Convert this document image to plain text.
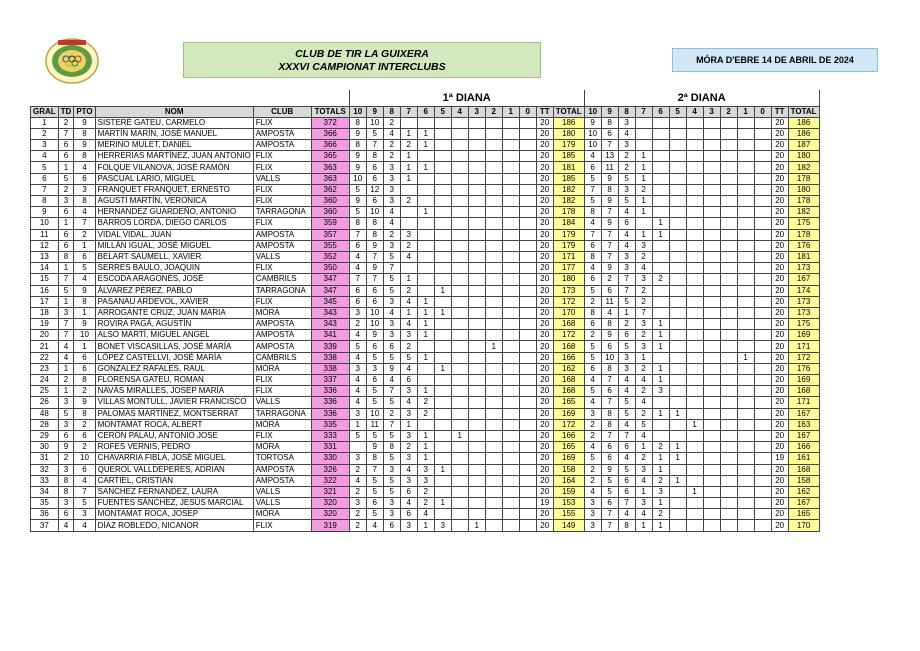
CLUB DE TIR LA GUIXERA
XXXVI CAMPIONAT INTERCLUBS
MÓRA D'EBRE 14 DE ABRIL DE 2024
						1ª DIANA													2ª DIANA												
GRAL	TD	PTO	NOM	CLUB	TOTALS	10	9	8	7	6	5	4	3	2	1	0	TT	TOTAL	10	9	8	7	6	5	4	3	2	1	0	TT	TOTAL
1	2	9	SISTERÉ GATEU, CARMELO	FLIX	372	8	10	2									20	186	9	8	3									20	186
2	7	8	MARTÍN MARÍN, JOSÉ MANUEL	AMPOSTA	366	9	5	4	1	1							20	180	10	6	4									20	186
3	6	9	MERINO MULET, DANIEL	AMPOSTA	366	8	7	2	2	1							20	179	10	7	3									20	187
4	6	8	HERRERIAS MARTÍNEZ, JUAN ANTONIO	FLIX	365	9	8	2	1								20	185	4	13	2	1								20	180
5	1	4	FOLQUE VILANOVA, JOSÉ RAMÓN	FLIX	363	9	6	3	1	1							20	181	6	11	2	1								20	182
6	5	6	PASCUAL LARIO, MIGUEL	VALLS	363	10	6	3	1								20	185	5	9	5	1								20	178
7	2	3	FRANQUET FRANQUET, ERNESTO	FLIX	362	5	12	3									20	182	7	8	3	2								20	180
8	3	8	AGUSTÍ MARTÍN, VERONICA	FLIX	360	9	6	3	2								20	182	5	9	5	1								20	178
9	6	4	HERNANDEZ GUARDEÑO, ANTONIO	TARRAGONA	360	5	10	4		1							20	178	8	7	4	1								20	182
10	1	7	BARROS LORDA, DIEGO CARLOS	FLIX	359	8	8	4									20	184	4	9	6		1							20	175
11	6	2	VIDAL VIDAL, JUAN	AMPOSTA	357	7	8	2	3								20	179	7	7	4	1	1							20	178
12	6	1	MILLÁN IGUAL, JOSÉ MIGUEL	AMPOSTA	355	6	9	3	2								20	179	6	7	4	3								20	176
13	8	6	BELART SAUMELL, XAVIER	VALLS	352	4	7	5	4								20	171	8	7	3	2								20	181
14	1	5	SERRES BAULO, JOAQUIN	FLIX	350	4	9	7									20	177	4	9	3	4								20	173
15	7	4	ESCODA ARAGONÉS, JOSÉ	CAMBRILS	347	7	7	5	1								20	180	6	2	7	3	2							20	167
16	5	9	ÁLVAREZ PÉREZ, PABLO	TARRAGONA	347	6	6	5	2		1						20	173	5	6	7	2								20	174
17	1	8	PASANAU ARDEVOL, XAVIER	FLIX	345	6	6	3	4	1							20	172	2	11	5	2								20	173
18	3	1	ARROGANTE CRUZ, JUAN MARIA	MÓRA	343	3	10	4	1	1	1						20	170	8	4	1	7								20	173
19	7	9	ROVIRA PAGÁ, AGUSTÍN	AMPOSTA	343	2	10	3	4	1							20	168	6	8	2	3	1							20	175
20	7	10	ALSO MARTÍ, MIGUEL ANGEL	AMPOSTA	341	4	9	3	3	1							20	172	2	9	6	2	1							20	169
21	4	1	BONET VISCASILLAS, JOSÉ MARÍA	AMPOSTA	339	5	6	6	2					1			20	168	5	6	5	3	1							20	171
22	4	6	LÓPEZ CASTELLVI, JOSÉ MARÍA	CAMBRILS	338	4	5	5	5	1							20	166	5	10	3	1						1		20	172
23	1	6	GONZALEZ RAFALES, RAUL	MÓRA	338	3	3	9	4		1						20	162	6	8	3	2	1							20	176
24	2	8	FLORENSA GATEU, ROMAN	FLIX	337	4	6	4	6								20	168	4	7	4	4	1							20	169
25	1	2	NAVÁS MIRALLES, JOSEP MARÍA	FLIX	336	4	5	7	3	1							20	168	5	6	4	2	3							20	168
26	3	9	VILLAS MONTULL, JAVIER FRANCISCO	VALLS	336	4	5	5	4	2							20	165	4	7	5	4								20	171
48	5	8	PALOMAS MARTÍNEZ, MONTSERRAT	TARRAGONA	336	3	10	2	3	2							20	169	3	8	5	2	1	1						20	167
28	3	2	MONTAMAT ROCA, ALBERT	MÓRA	335	1	11	7	1								20	172	2	8	4	5			1					20	163
29	6	6	CERON PALAU, ANTONIO JOSE	FLIX	333	5	5	5	3	1		1					20	166	2	7	7	4								20	167
30	9	2	ROFES VERNIS, PEDRO	MÓRA	331		9	8	2	1							20	165	4	6	6	1	2	1						20	166
31	2	10	CHAVARRIA FIBLA, JOSÉ MIGUEL	TORTOSA	330	3	8	5	3	1							20	169	5	6	4	2	1	1						19	161
32	3	6	QUEROL VALLDEPERES, ADRIAN	AMPOSTA	326	2	7	3	4	3	1						20	158	2	9	5	3	1							20	168
33	8	4	CARTIEL, CRISTIAN	AMPOSTA	322	4	5	5	3	3							20	164	2	5	6	4	2	1						20	158
34	8	7	SANCHEZ FERNANDEZ, LAURA	VALLS	321	2	5	5	6	2							20	159	4	5	6	1	3		1					20	162
35	3	5	FUENTES SÁNCHEZ, JESÚS MARCIAL	VALLS	320	3	6	3	4	2	1						19	153	3	6	7	3	1							20	167
36	6	3	MONTAMAT ROCA, JOSEP	MÓRA	320	2	5	3	6	4							20	155	3	7	4	4	2							20	165
37	4	4	DÍAZ ROBLEDO, NICANOR	FLIX	319	2	4	6	3	1	3		1				20	149	3	7	8	1	1							20	170
